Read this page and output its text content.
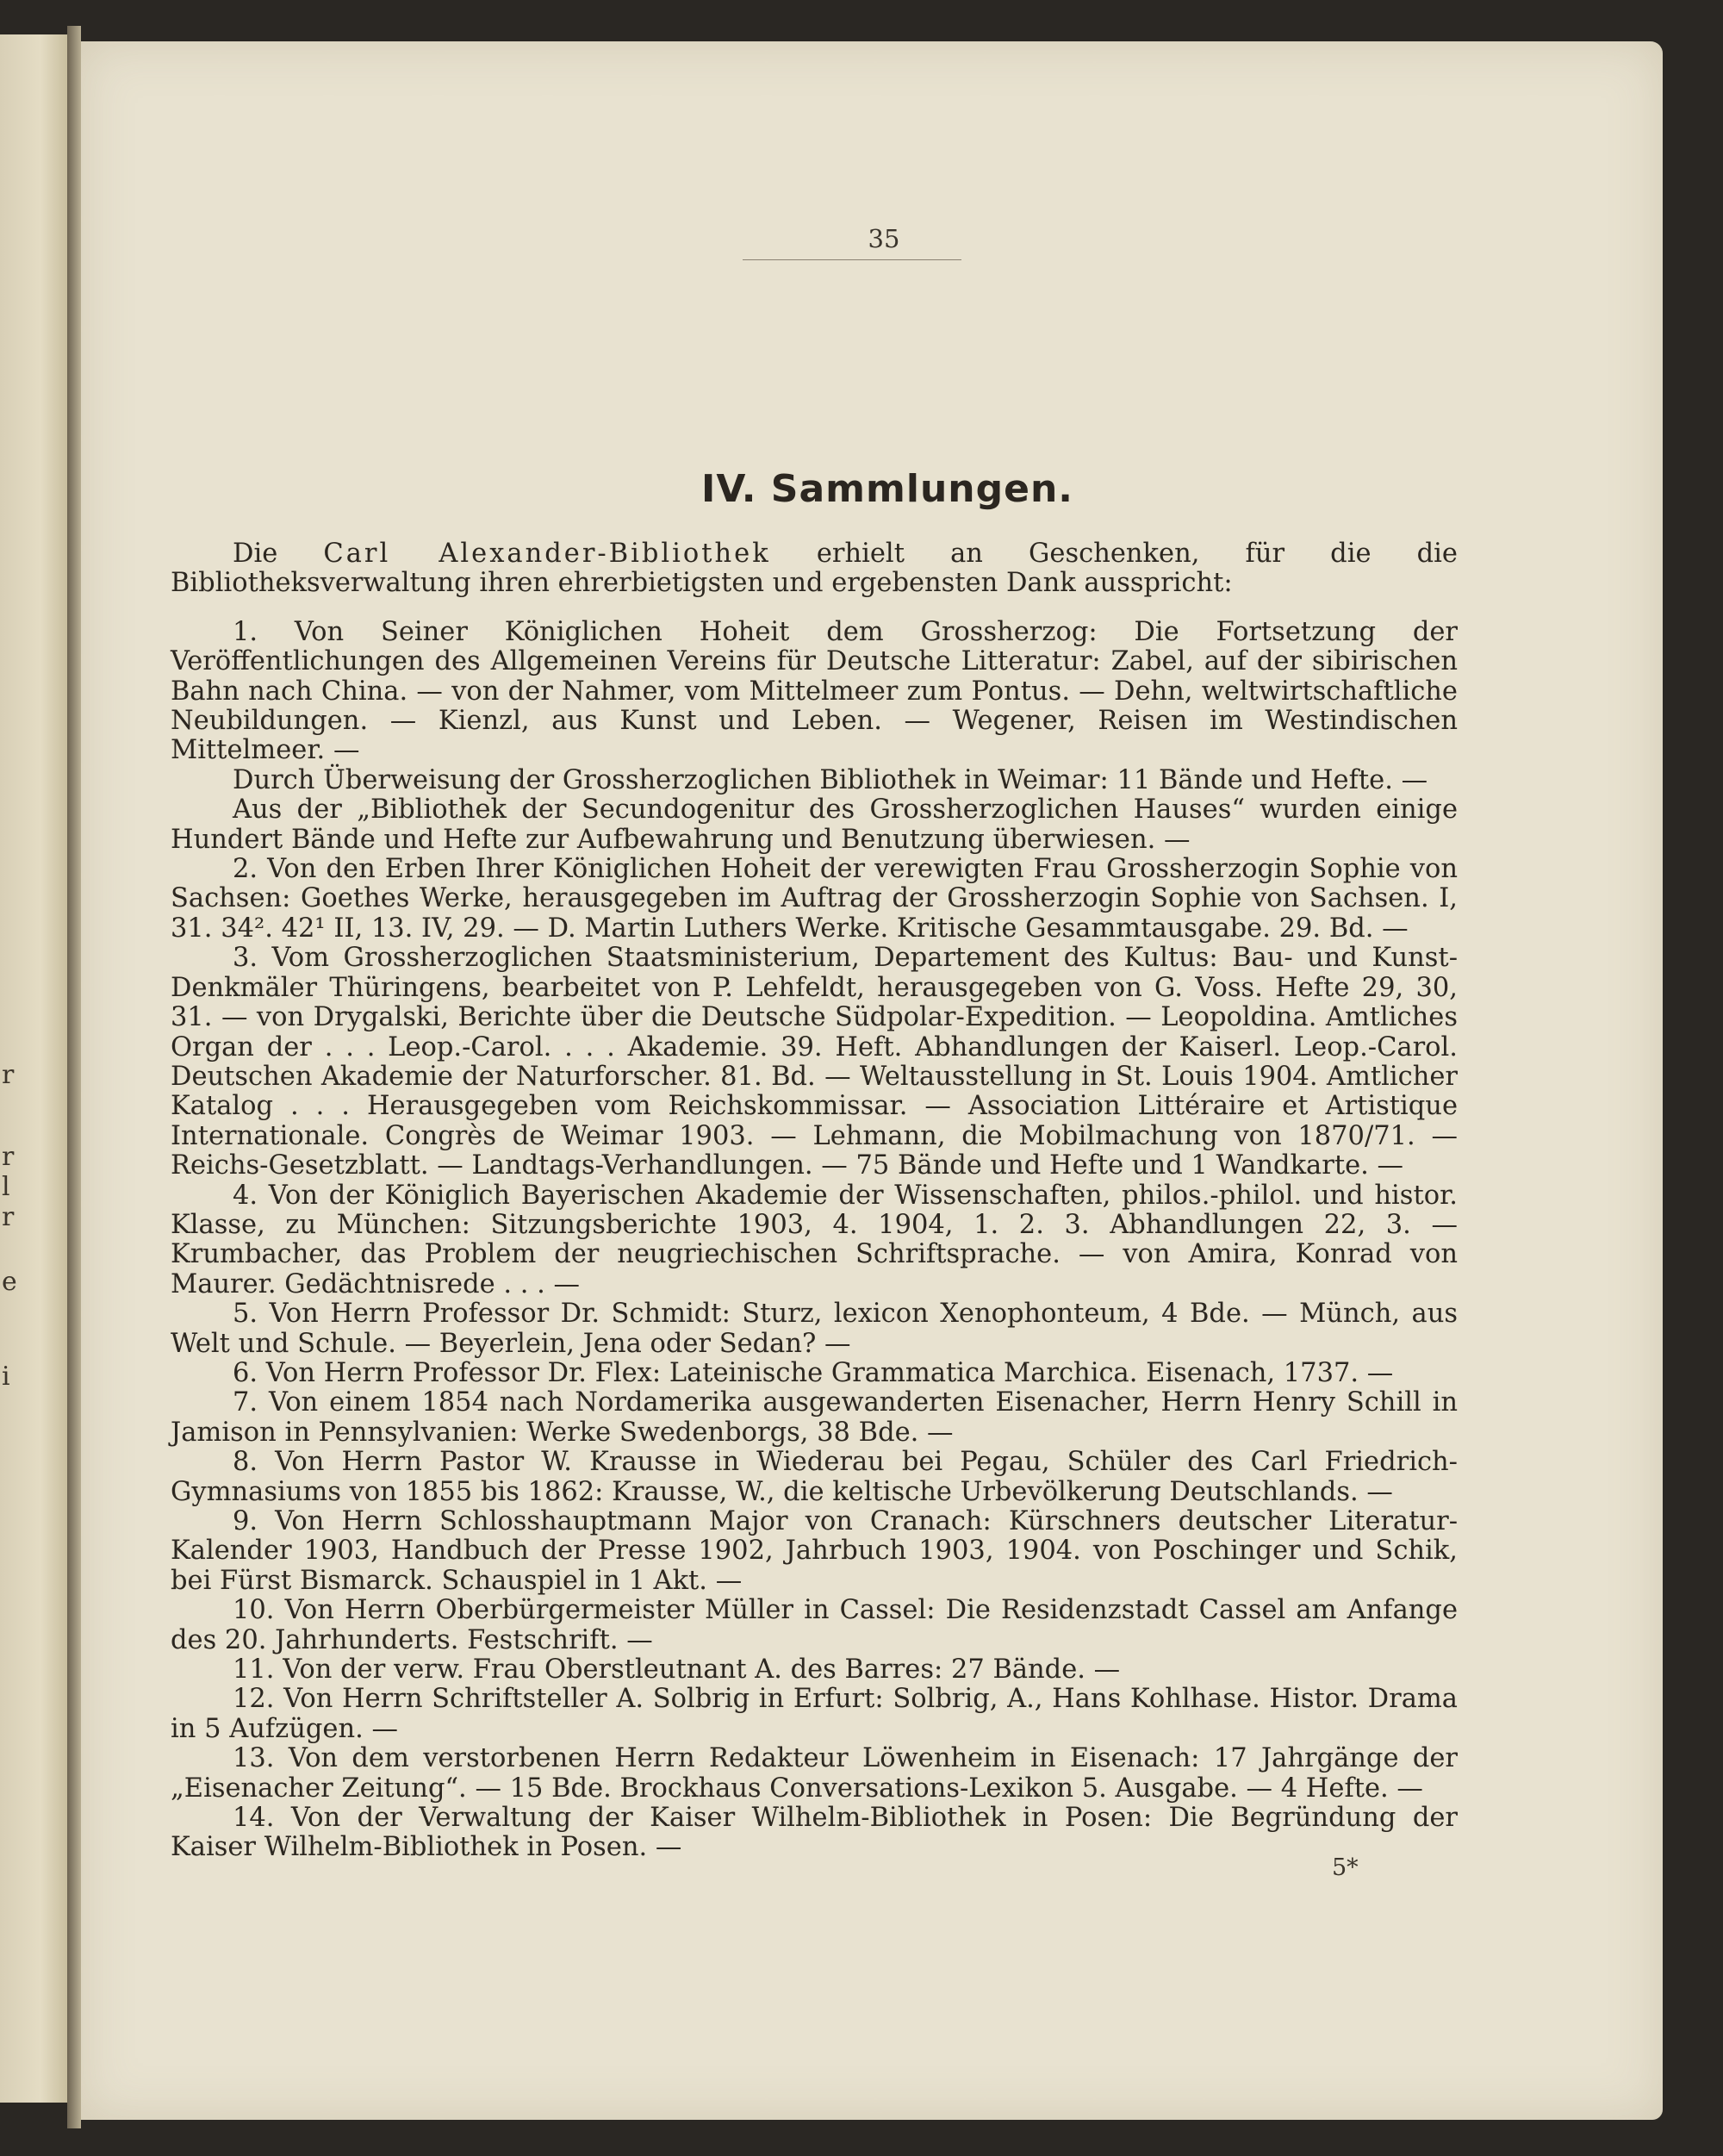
r
r
l
r
e
i
35
IV. Sammlungen.

Die Carl Alexander-Bibliothek erhielt an Geschenken, für die die Bibliotheksverwaltung ihren ehrerbietigsten und ergebensten Dank ausspricht:

1. Von Seiner Königlichen Hoheit dem Grossherzog: Die Fortsetzung der Veröffentlichungen des Allgemeinen Vereins für Deutsche Litteratur: Zabel, auf der sibirischen Bahn nach China. — von der Nahmer, vom Mittelmeer zum Pontus. — Dehn, weltwirtschaftliche Neubildungen. — Kienzl, aus Kunst und Leben. — Wegener, Reisen im Westindischen Mittelmeer. —

Durch Überweisung der Grossherzoglichen Bibliothek in Weimar: 11 Bände und Hefte. —

Aus der „Bibliothek der Secundogenitur des Grossherzoglichen Hauses“ wurden einige Hundert Bände und Hefte zur Aufbewahrung und Benutzung überwiesen. —

2. Von den Erben Ihrer Königlichen Hoheit der verewigten Frau Grossherzogin Sophie von Sachsen: Goethes Werke, herausgegeben im Auftrag der Grossherzogin Sophie von Sachsen. I, 31. 34². 42¹ II, 13. IV, 29. — D. Martin Luthers Werke. Kritische Gesammtausgabe. 29. Bd. —

3. Vom Grossherzoglichen Staatsministerium, Departement des Kultus: Bau- und Kunst-Denkmäler Thüringens, bearbeitet von P. Lehfeldt, herausgegeben von G. Voss. Hefte 29, 30, 31. — von Drygalski, Berichte über die Deutsche Südpolar-Expedition. — Leopoldina. Amtliches Organ der . . . Leop.-Carol. . . . Akademie. 39. Heft. Abhandlungen der Kaiserl. Leop.-Carol. Deutschen Akademie der Naturforscher. 81. Bd. — Weltausstellung in St. Louis 1904. Amtlicher Katalog . . . Herausgegeben vom Reichskommissar. — Association Littéraire et Artistique Internationale. Congrès de Weimar 1903. — Lehmann, die Mobilmachung von 1870/71. — Reichs-Gesetzblatt. — Landtags-Verhandlungen. — 75 Bände und Hefte und 1 Wandkarte. —

4. Von der Königlich Bayerischen Akademie der Wissenschaften, philos.-philol. und histor. Klasse, zu München: Sitzungsberichte 1903, 4. 1904, 1. 2. 3. Abhandlungen 22, 3. — Krumbacher, das Problem der neugriechischen Schriftsprache. — von Amira, Konrad von Maurer. Gedächtnisrede . . . —

5. Von Herrn Professor Dr. Schmidt: Sturz, lexicon Xenophonteum, 4 Bde. — Münch, aus Welt und Schule. — Beyerlein, Jena oder Sedan? —

6. Von Herrn Professor Dr. Flex: Lateinische Grammatica Marchica. Eisenach, 1737. —

7. Von einem 1854 nach Nordamerika ausgewanderten Eisenacher, Herrn Henry Schill in Jamison in Pennsylvanien: Werke Swedenborgs, 38 Bde. —

8. Von Herrn Pastor W. Krausse in Wiederau bei Pegau, Schüler des Carl Friedrich-Gymnasiums von 1855 bis 1862: Krausse, W., die keltische Urbevölkerung Deutschlands. —

9. Von Herrn Schlosshauptmann Major von Cranach: Kürschners deutscher Literatur-Kalender 1903, Handbuch der Presse 1902, Jahrbuch 1903, 1904. von Poschinger und Schik, bei Fürst Bismarck. Schauspiel in 1 Akt. —

10. Von Herrn Oberbürgermeister Müller in Cassel: Die Residenzstadt Cassel am Anfange des 20. Jahrhunderts. Festschrift. —

11. Von der verw. Frau Oberstleutnant A. des Barres: 27 Bände. —

12. Von Herrn Schriftsteller A. Solbrig in Erfurt: Solbrig, A., Hans Kohlhase. Histor. Drama in 5 Aufzügen. —

13. Von dem verstorbenen Herrn Redakteur Löwenheim in Eisenach: 17 Jahrgänge der „Eisenacher Zeitung“. — 15 Bde. Brockhaus Conversations-Lexikon 5. Ausgabe. — 4 Hefte. —

14. Von der Verwaltung der Kaiser Wilhelm-Bibliothek in Posen: Die Begründung der Kaiser Wilhelm-Bibliothek in Posen. —

5*
